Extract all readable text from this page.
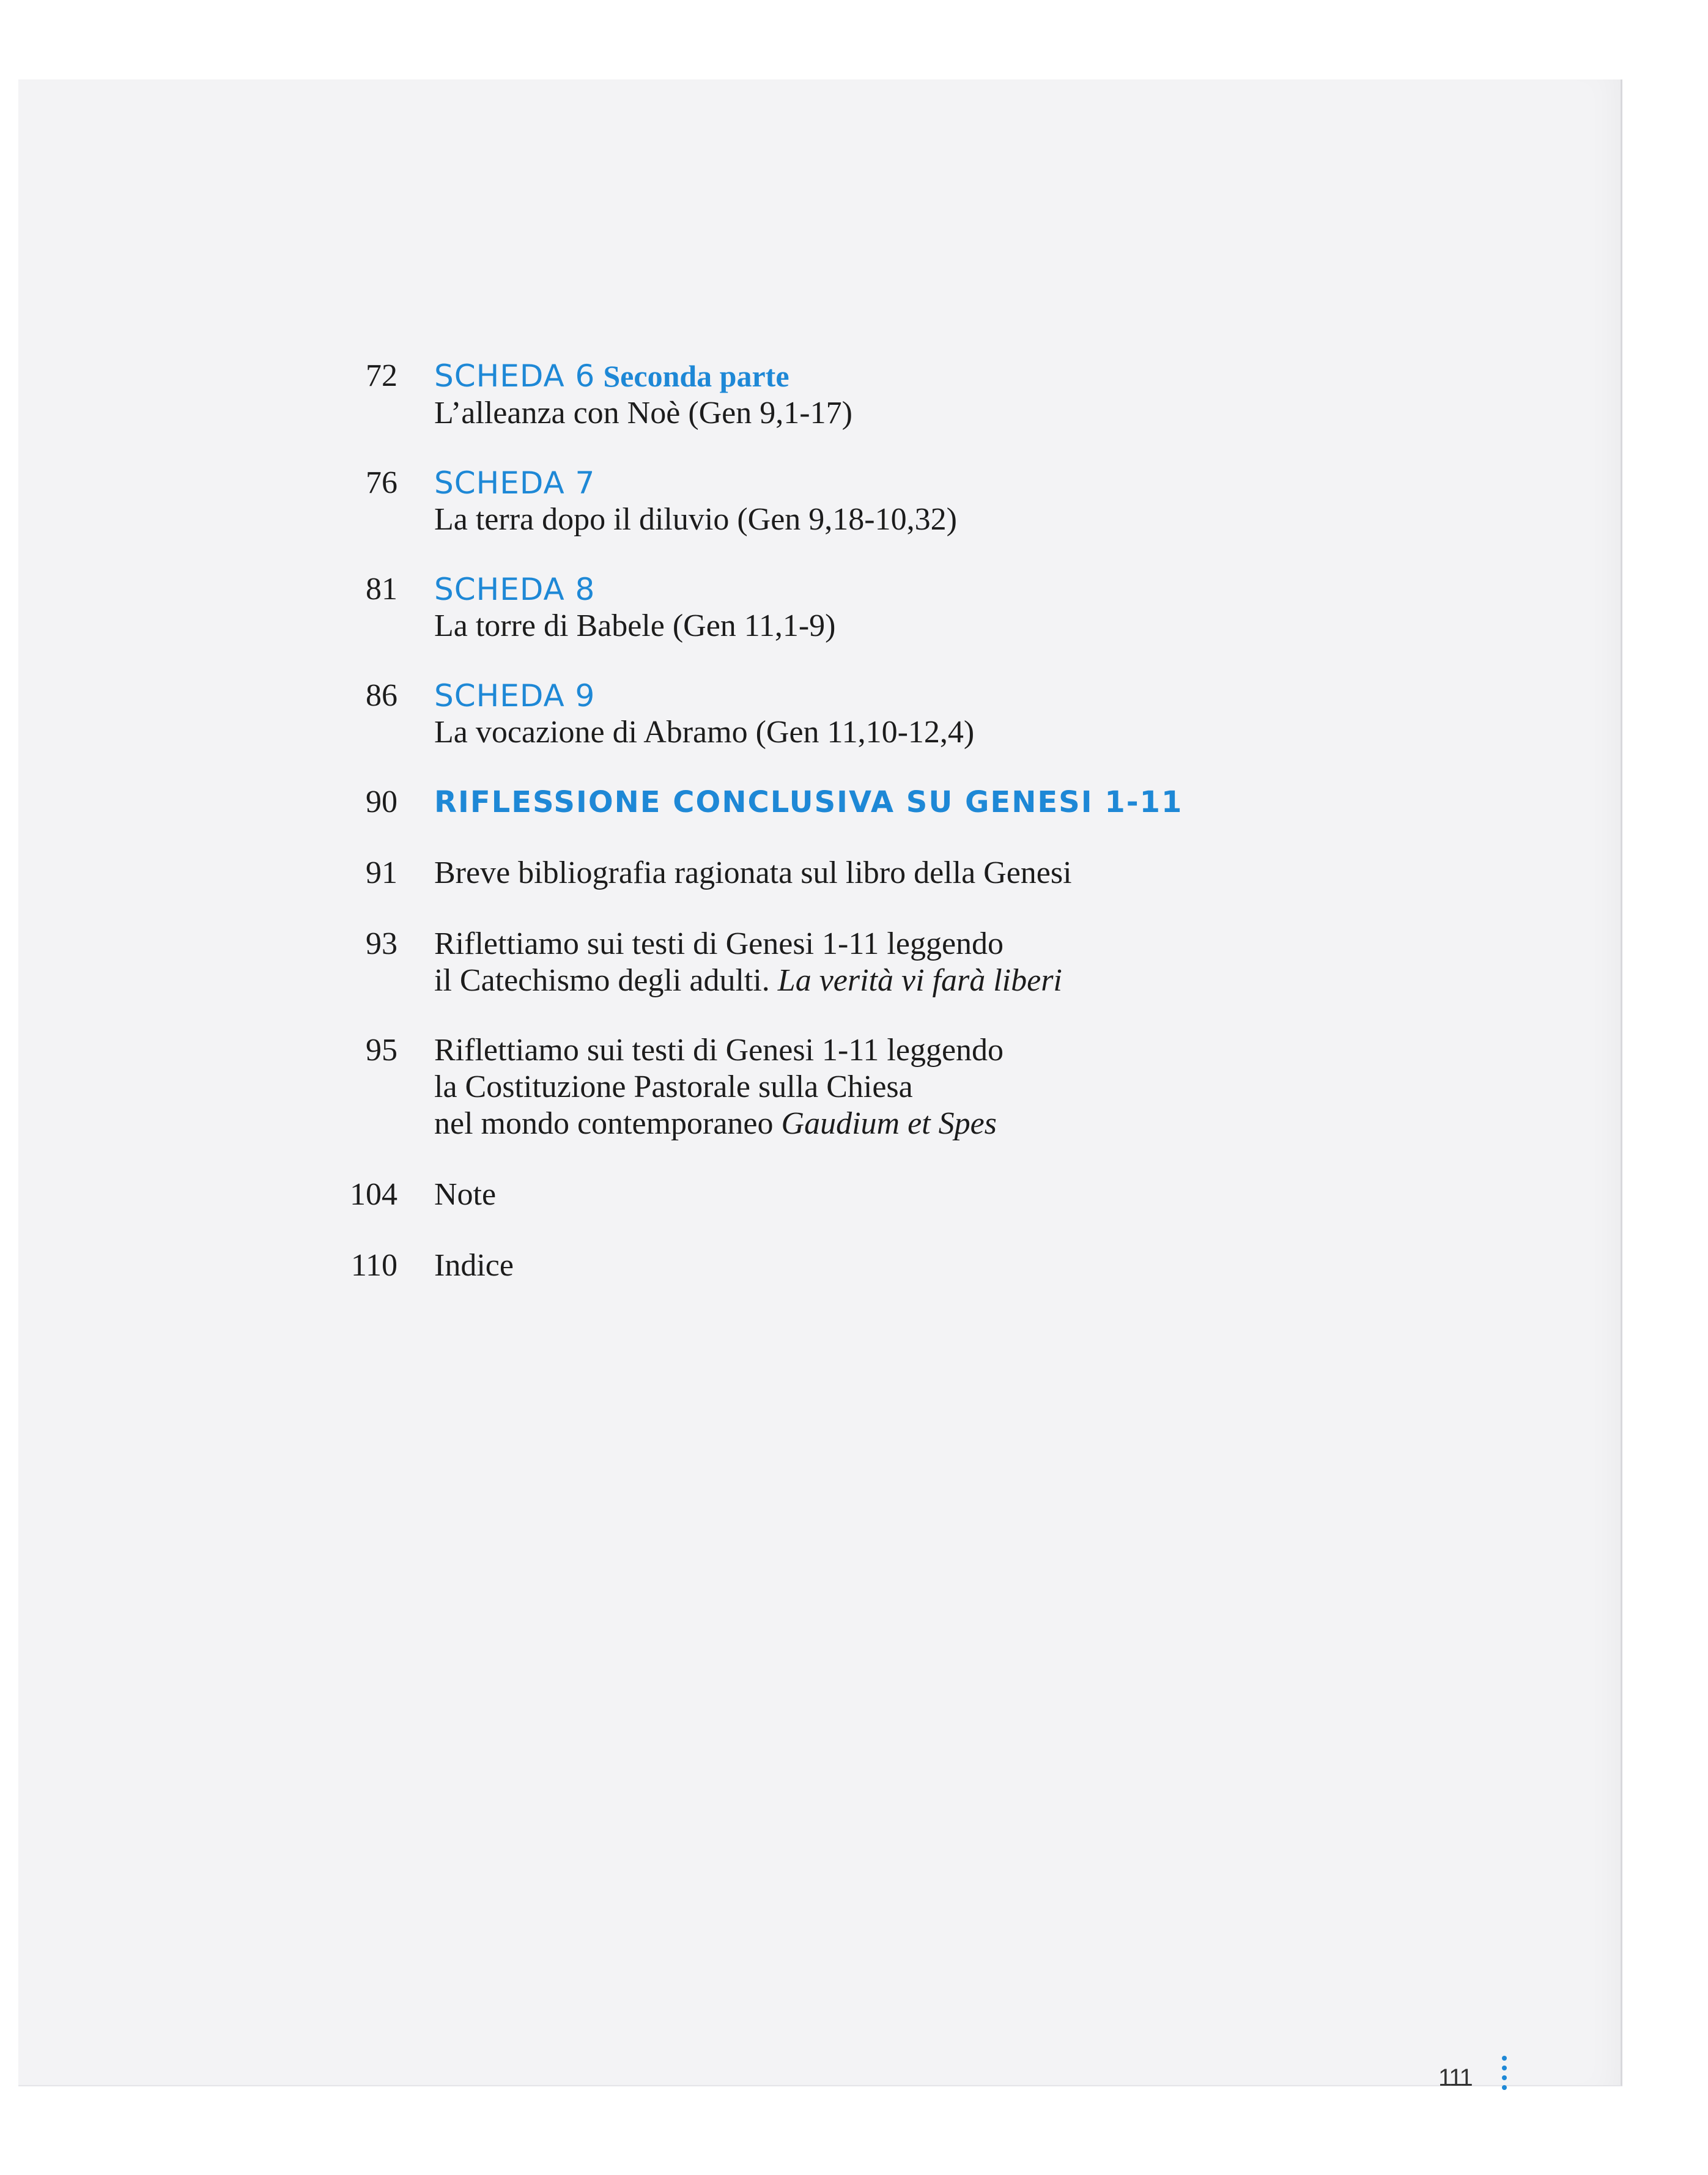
72	SCHEDA 6 Seconda parte
L’alleanza con Noè (Gen 9,1-17)
76	SCHEDA 7
La terra dopo il diluvio (Gen 9,18-10,32)
81	SCHEDA 8
La torre di Babele (Gen 11,1-9)
86	SCHEDA 9
La vocazione di Abramo (Gen 11,10-12,4)
90	RIFLESSIONE CONCLUSIVA SU GENESI 1-11
91	Breve bibliografia ragionata sul libro della Genesi
93	Riflettiamo sui testi di Genesi 1-11 leggendo
il Catechismo degli adulti. La verità vi farà liberi
95	Riflettiamo sui testi di Genesi 1-11 leggendo
la Costituzione Pastorale sulla Chiesa
nel mondo contemporaneo Gaudium et Spes
104	Note
110	Indice
111
